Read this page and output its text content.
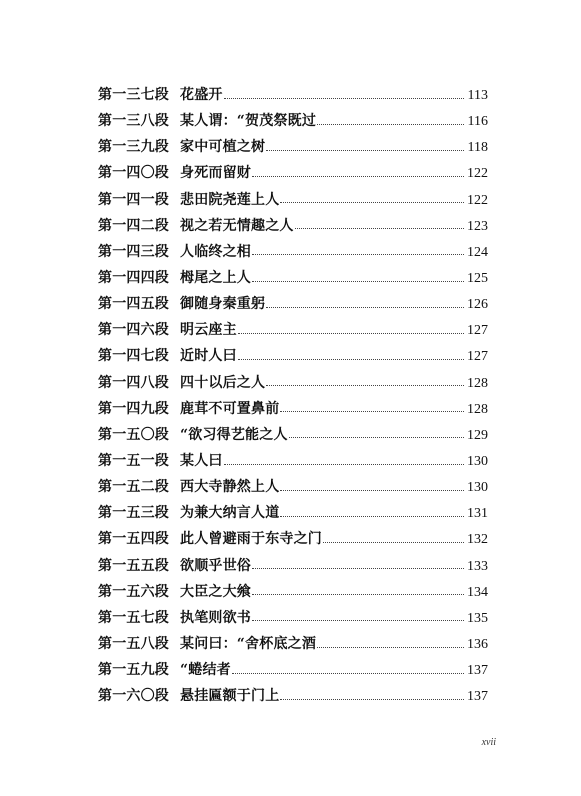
第一三七段 花盛开	113
第一三八段 某人谓：“贺茂祭既过	116
第一三九段 家中可植之树	118
第一四〇段 身死而留财	122
第一四一段 悲田院尧莲上人	122
第一四二段 视之若无情趣之人	123
第一四三段 人临终之相	124
第一四四段 栂尾之上人	125
第一四五段 御随身秦重躬	126
第一四六段 明云座主	127
第一四七段 近时人曰	127
第一四八段 四十以后之人	128
第一四九段 鹿茸不可置鼻前	128
第一五〇段 “欲习得艺能之人	129
第一五一段 某人曰	130
第一五二段 西大寺静然上人	130
第一五三段 为兼大纳言人道	131
第一五四段 此人曾避雨于东寺之门	132
第一五五段 欲顺乎世俗	133
第一五六段 大臣之大飨	134
第一五七段 执笔则欲书	135
第一五八段 某问曰：“舍杯底之酒	136
第一五九段 “蜷结者	137
第一六〇段 悬挂匾额于门上	137
xvii
